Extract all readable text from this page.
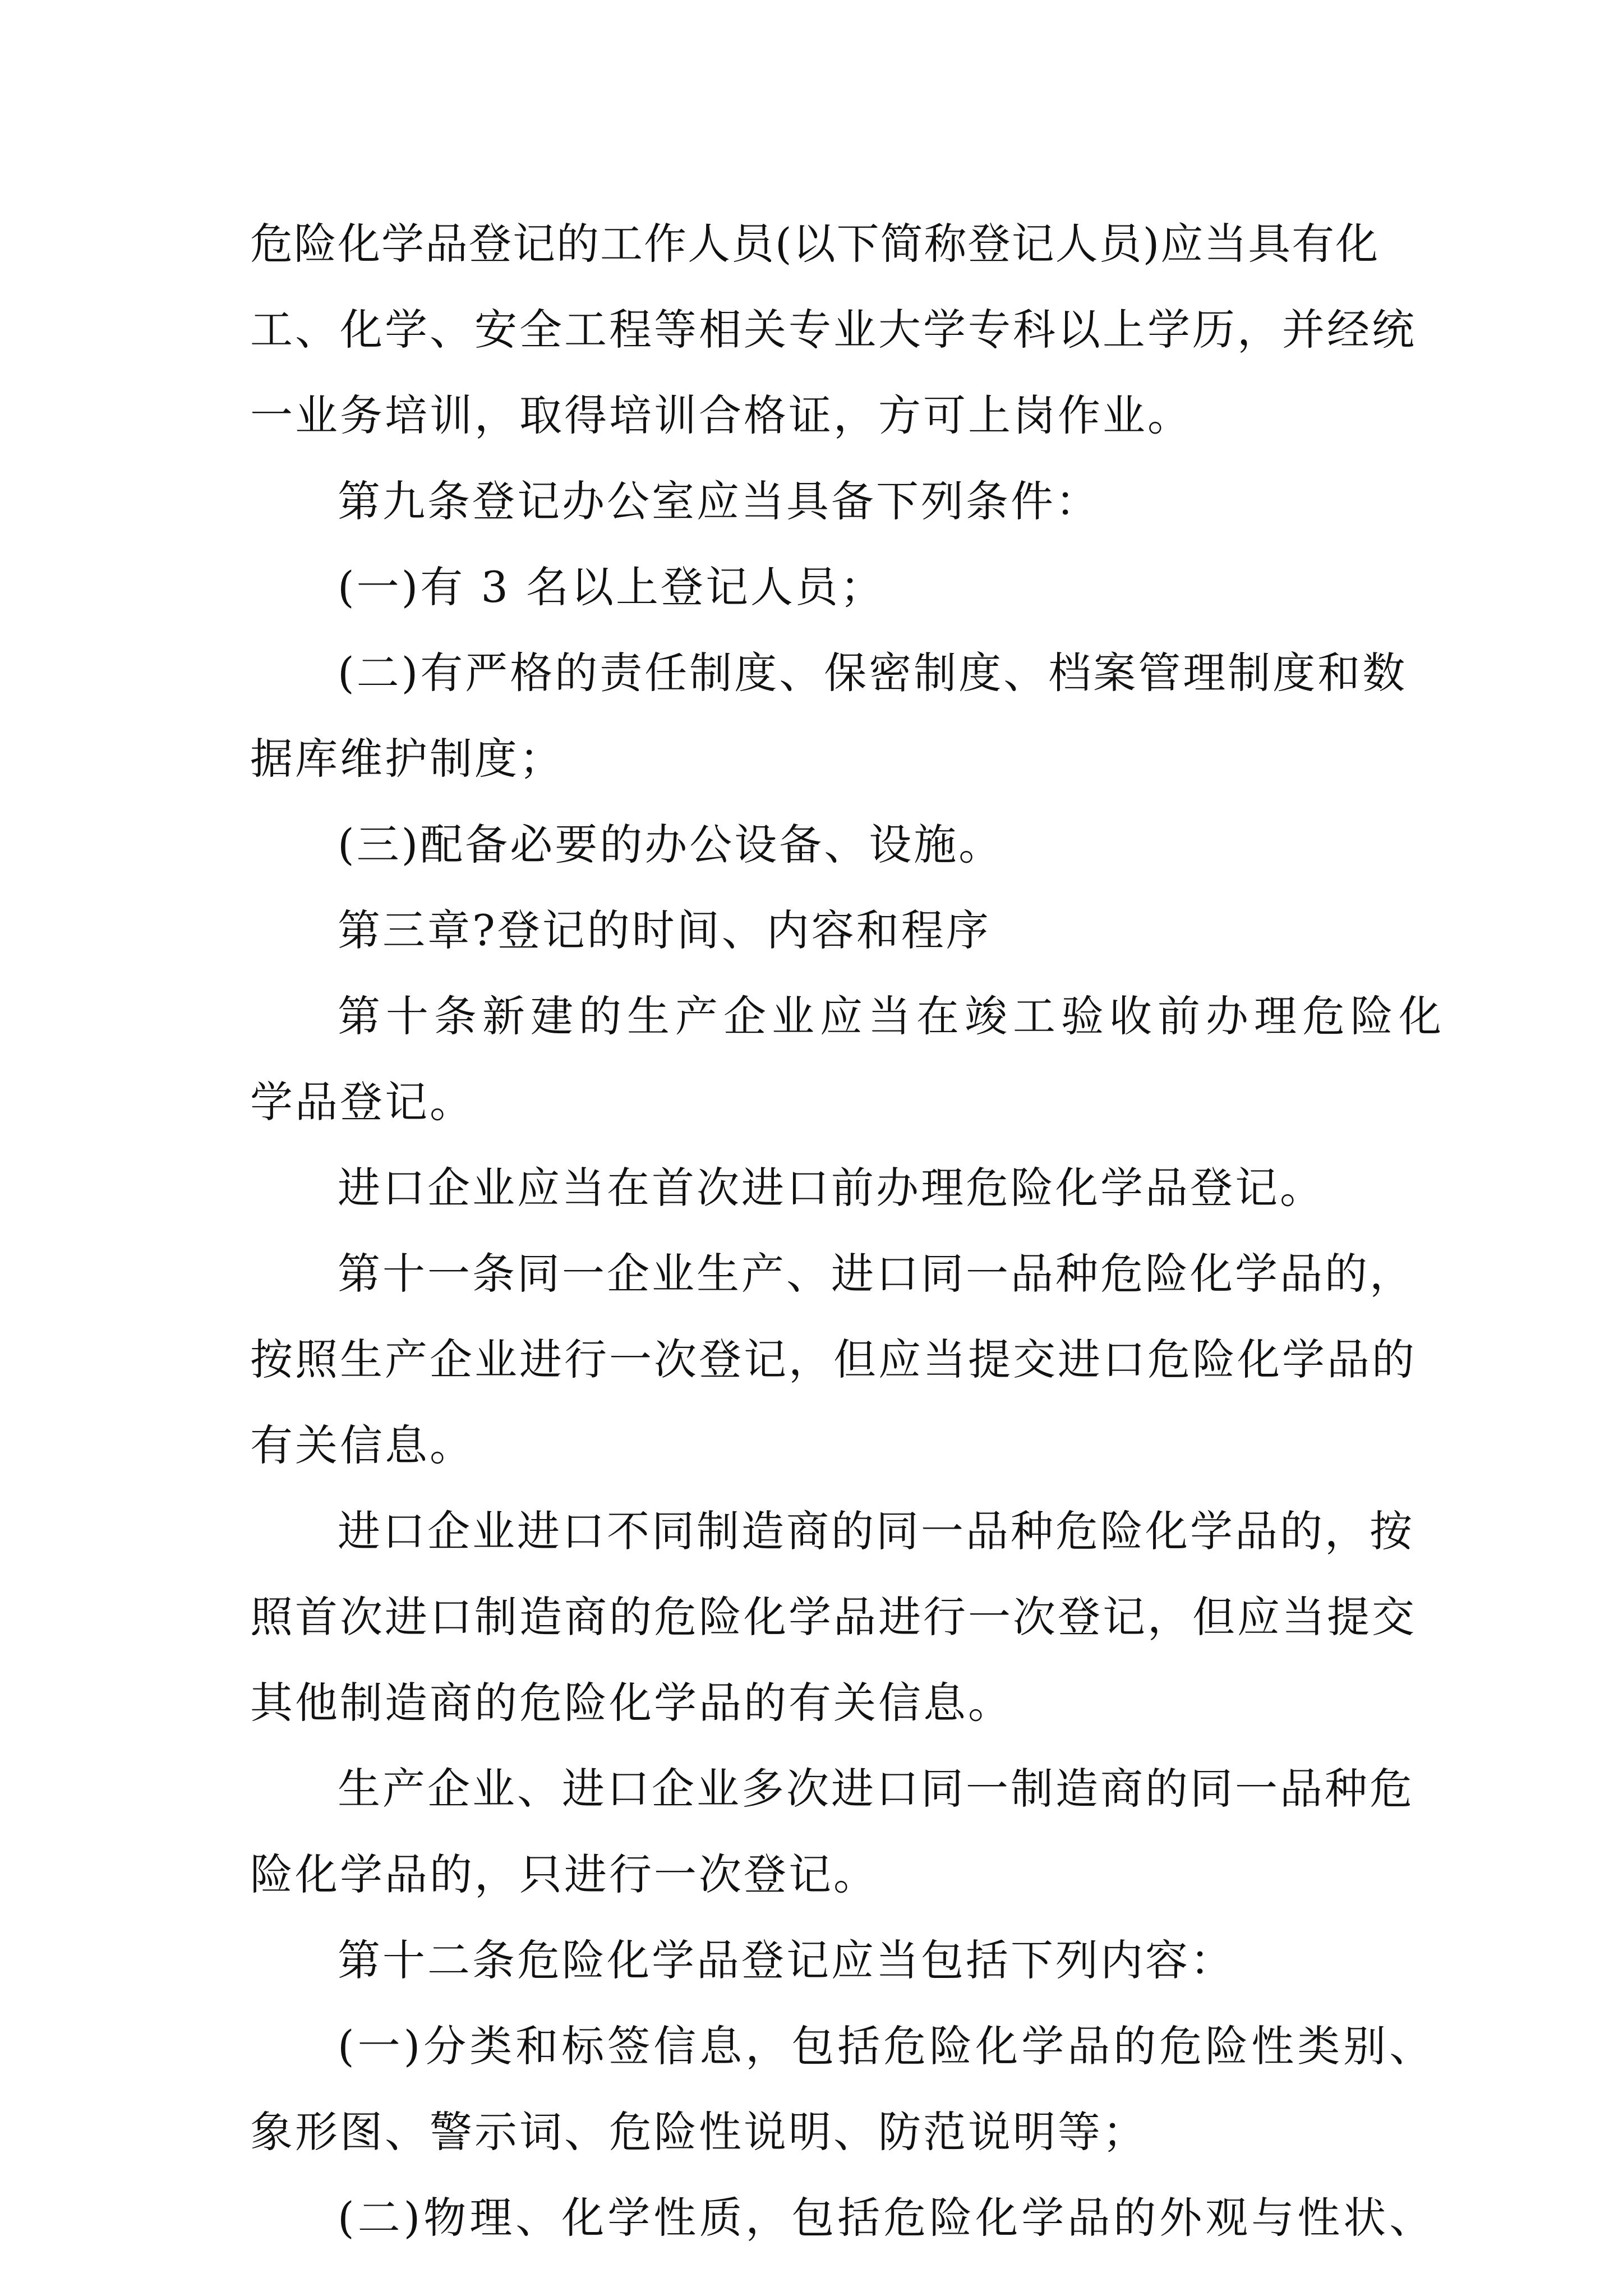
危险化学品登记的工作人员(以下简称登记人员)应当具有化
工、化学、安全工程等相关专业大学专科以上学历，并经统
一业务培训，取得培训合格证，方可上岗作业。
第九条登记办公室应当具备下列条件：
(一)有 3 名以上登记人员；
(二)有严格的责任制度、保密制度、档案管理制度和数
据库维护制度；
(三)配备必要的办公设备、设施。
第三章?登记的时间、内容和程序
第十条新建的生产企业应当在竣工验收前办理危险化
学品登记。
进口企业应当在首次进口前办理危险化学品登记。
第十一条同一企业生产、进口同一品种危险化学品的，
按照生产企业进行一次登记，但应当提交进口危险化学品的
有关信息。
进口企业进口不同制造商的同一品种危险化学品的，按
照首次进口制造商的危险化学品进行一次登记，但应当提交
其他制造商的危险化学品的有关信息。
生产企业、进口企业多次进口同一制造商的同一品种危
险化学品的，只进行一次登记。
第十二条危险化学品登记应当包括下列内容：
(一)分类和标签信息，包括危险化学品的危险性类别、
象形图、警示词、危险性说明、防范说明等；
(二)物理、化学性质，包括危险化学品的外观与性状、
